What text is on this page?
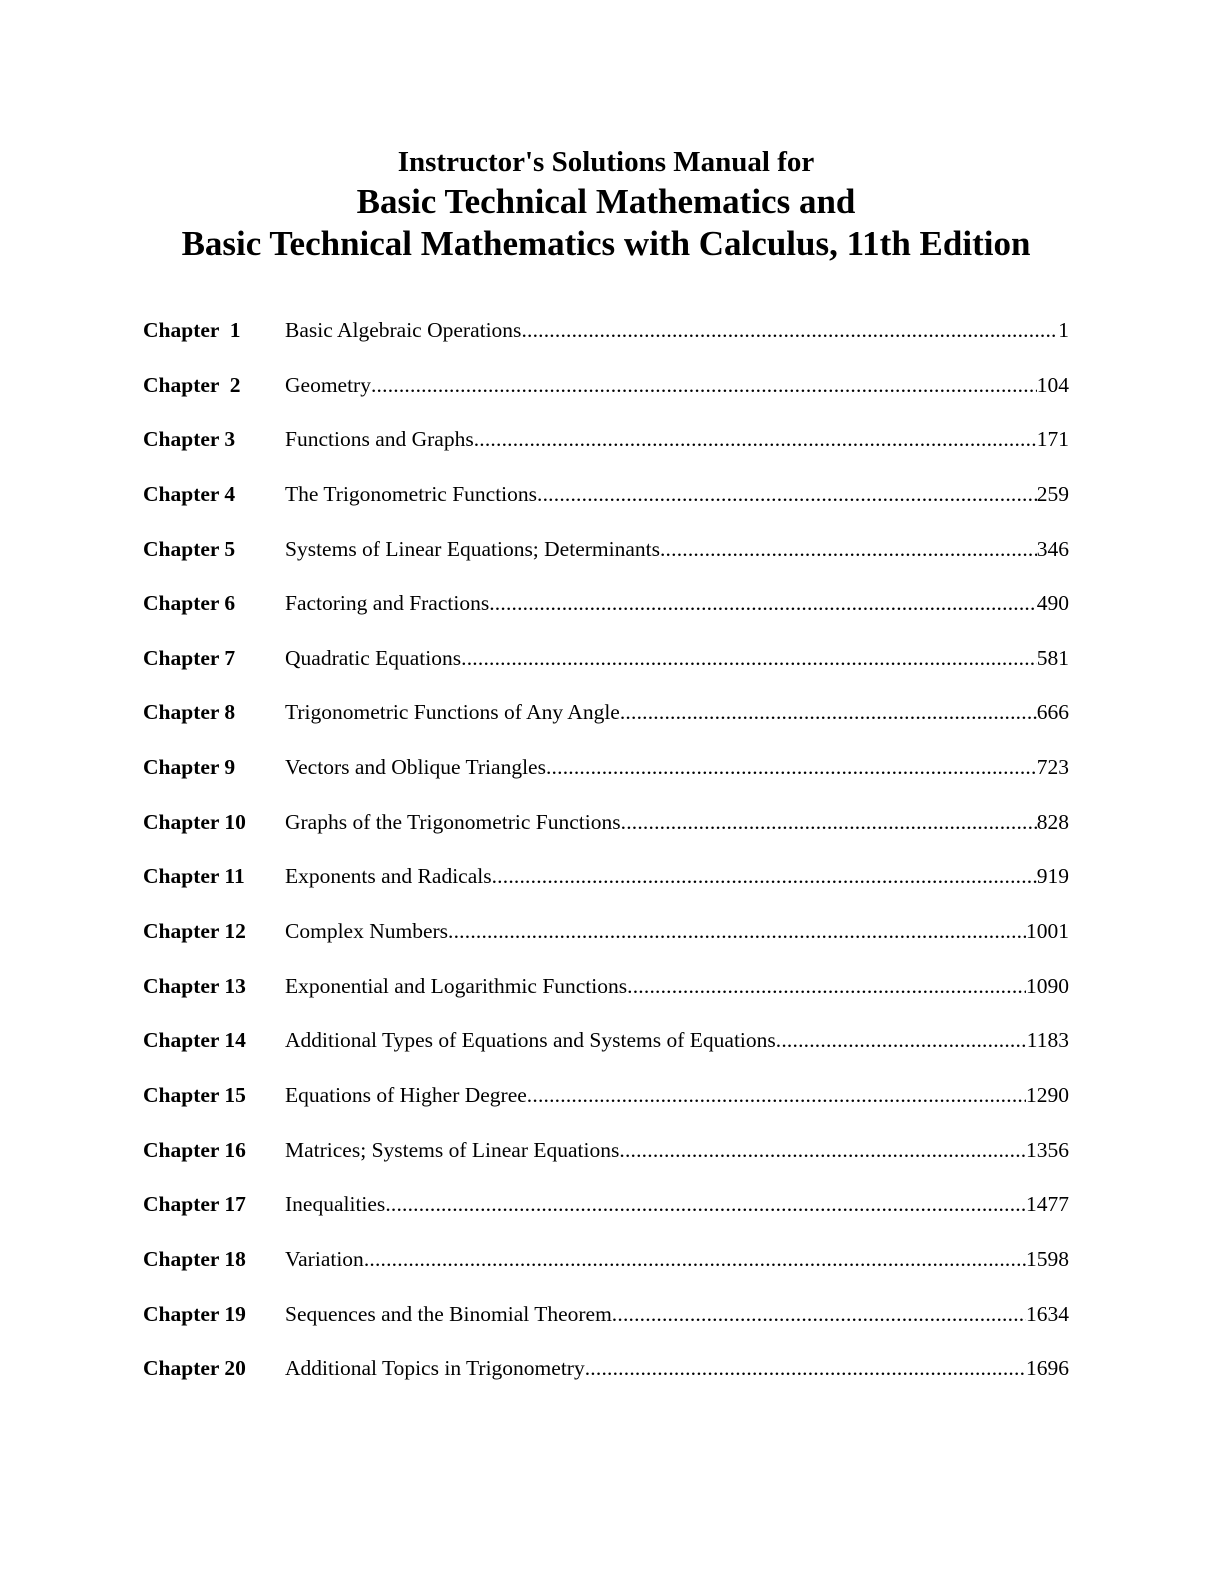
Instructor's Solutions Manual for
Basic Technical Mathematics and
Basic Technical Mathematics with Calculus, 11th Edition
Chapter  1	Basic Algebraic Operations .....	1
Chapter  2	Geometry .....	104
Chapter 3	Functions and Graphs .....	171
Chapter 4	The Trigonometric Functions .....	259
Chapter 5	Systems of Linear Equations; Determinants .....	346
Chapter 6	Factoring and Fractions .....	490
Chapter 7	Quadratic Equations .....	581
Chapter 8	Trigonometric Functions of Any Angle .....	666
Chapter 9	Vectors and Oblique Triangles .....	723
Chapter 10	Graphs of the Trigonometric Functions .....	828
Chapter 11	Exponents and Radicals .....	919
Chapter 12	Complex Numbers .....	1001
Chapter 13	Exponential and Logarithmic Functions .....	1090
Chapter 14	Additional Types of Equations and Systems of Equations .....	1183
Chapter 15	Equations of Higher Degree .....	1290
Chapter 16	Matrices; Systems of Linear Equations .....	1356
Chapter 17	Inequalities .....	1477
Chapter 18	Variation .....	1598
Chapter 19	Sequences and the Binomial Theorem .....	1634
Chapter 20	Additional Topics in Trigonometry .....	1696
